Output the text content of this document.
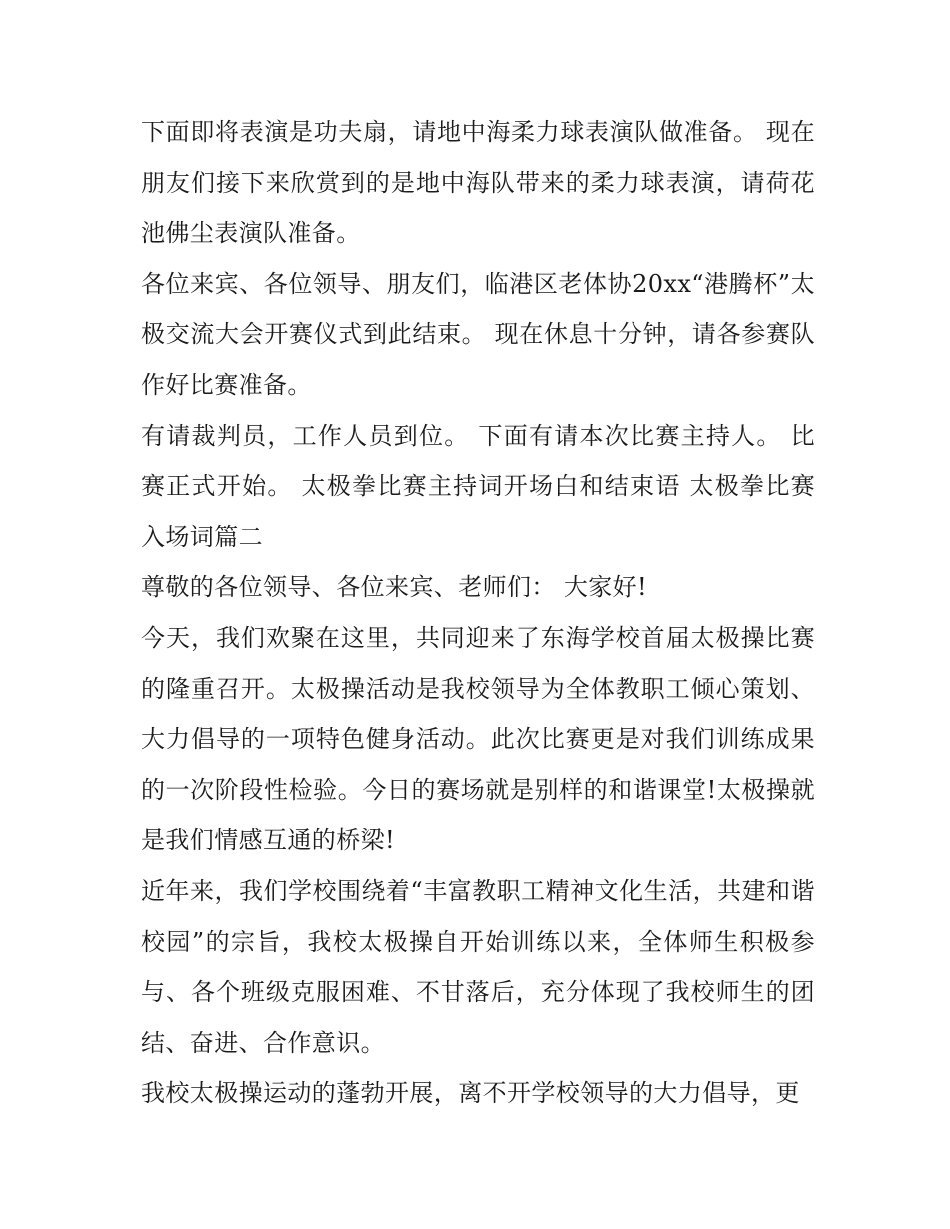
下面即将表演是功夫扇，请地中海柔力球表演队做准备。 现在朋友们接下来欣赏到的是地中海队带来的柔力球表演，请荷花池佛尘表演队准备。

各位来宾、各位领导、朋友们，临港区老体协20xx“港腾杯”太极交流大会开赛仪式到此结束。 现在休息十分钟，请各参赛队作好比赛准备。

有请裁判员，工作人员到位。 下面有请本次比赛主持人。 比赛正式开始。 太极拳比赛主持词开场白和结束语 太极拳比赛入场词篇二

尊敬的各位领导、各位来宾、老师们： 大家好!

今天，我们欢聚在这里，共同迎来了东海学校首届太极操比赛的隆重召开。太极操活动是我校领导为全体教职工倾心策划、大力倡导的一项特色健身活动。此次比赛更是对我们训练成果的一次阶段性检验。今日的赛场就是别样的和谐课堂!太极操就是我们情感互通的桥梁!

近年来，我们学校围绕着“丰富教职工精神文化生活，共建和谐校园”的宗旨，我校太极操自开始训练以来，全体师生积极参与、各个班级克服困难、不甘落后，充分体现了我校师生的团结、奋进、合作意识。

我校太极操运动的蓬勃开展，离不开学校领导的大力倡导，更
